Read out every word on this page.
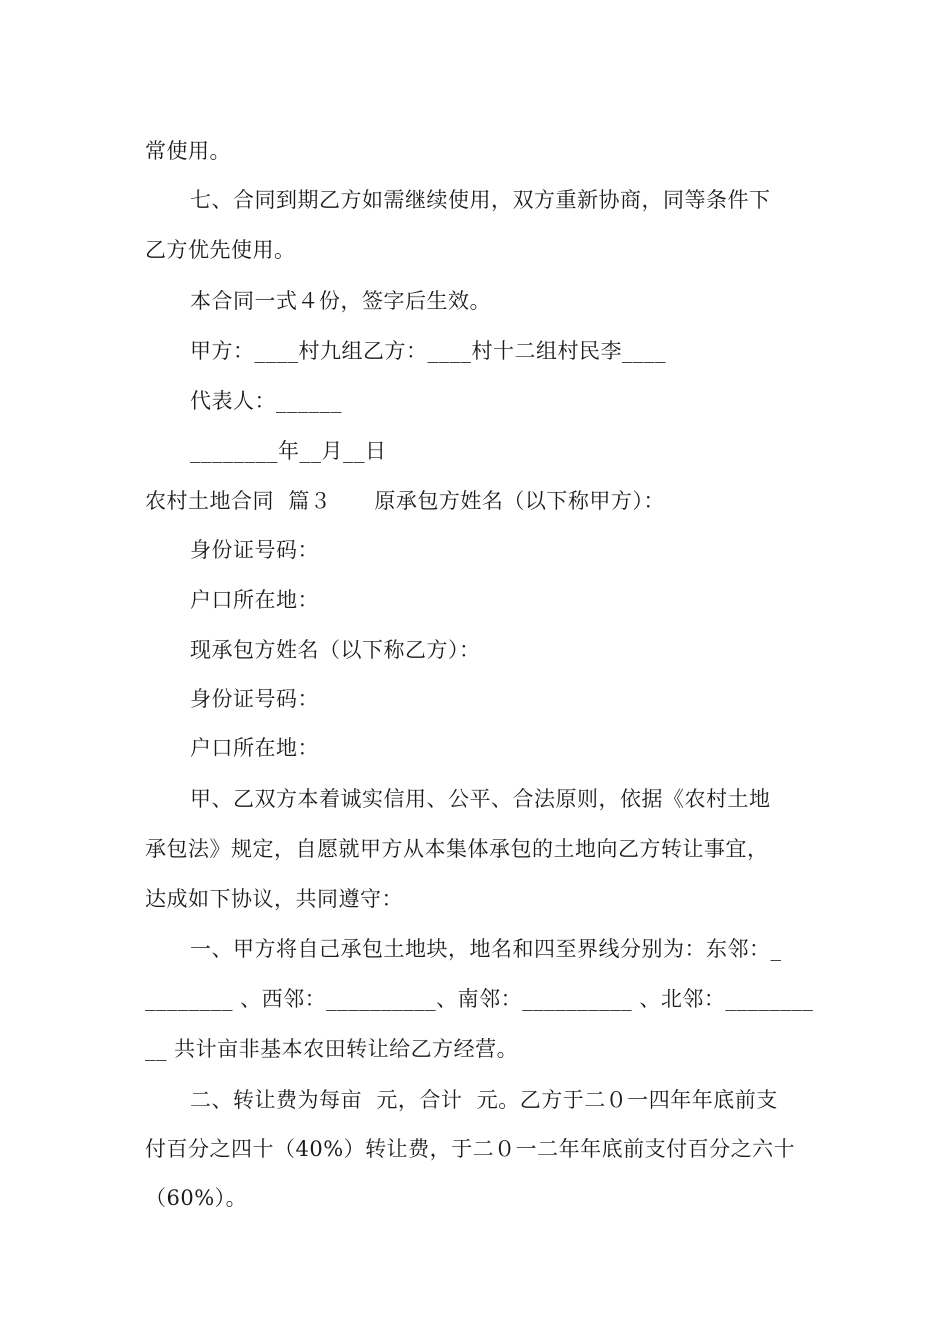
常使用。
七、合同到期乙方如需继续使用，双方重新协商，同等条件下
乙方优先使用。
本合同一式４份，签字后生效。
甲方：____村九组乙方：____村十二组村民李____
代表人：______
________年__月__日
农村土地合同  篇３      原承包方姓名（以下称甲方）：
身份证号码：
户口所在地：
现承包方姓名（以下称乙方）：
身份证号码：
户口所在地：
甲、乙双方本着诚实信用、公平、合法原则，依据《农村土地
承包法》规定，自愿就甲方从本集体承包的土地向乙方转让事宜，
达成如下协议，共同遵守：
一、甲方将自己承包土地块，地名和四至界线分别为：东邻：_
________ 、西邻：__________、南邻：__________ 、北邻：________
__ 共计亩非基本农田转让给乙方经营。
二、转让费为每亩  元，合计  元。乙方于二０一四年年底前支
付百分之四十（40%）转让费，于二０一二年年底前支付百分之六十
（60%）。
